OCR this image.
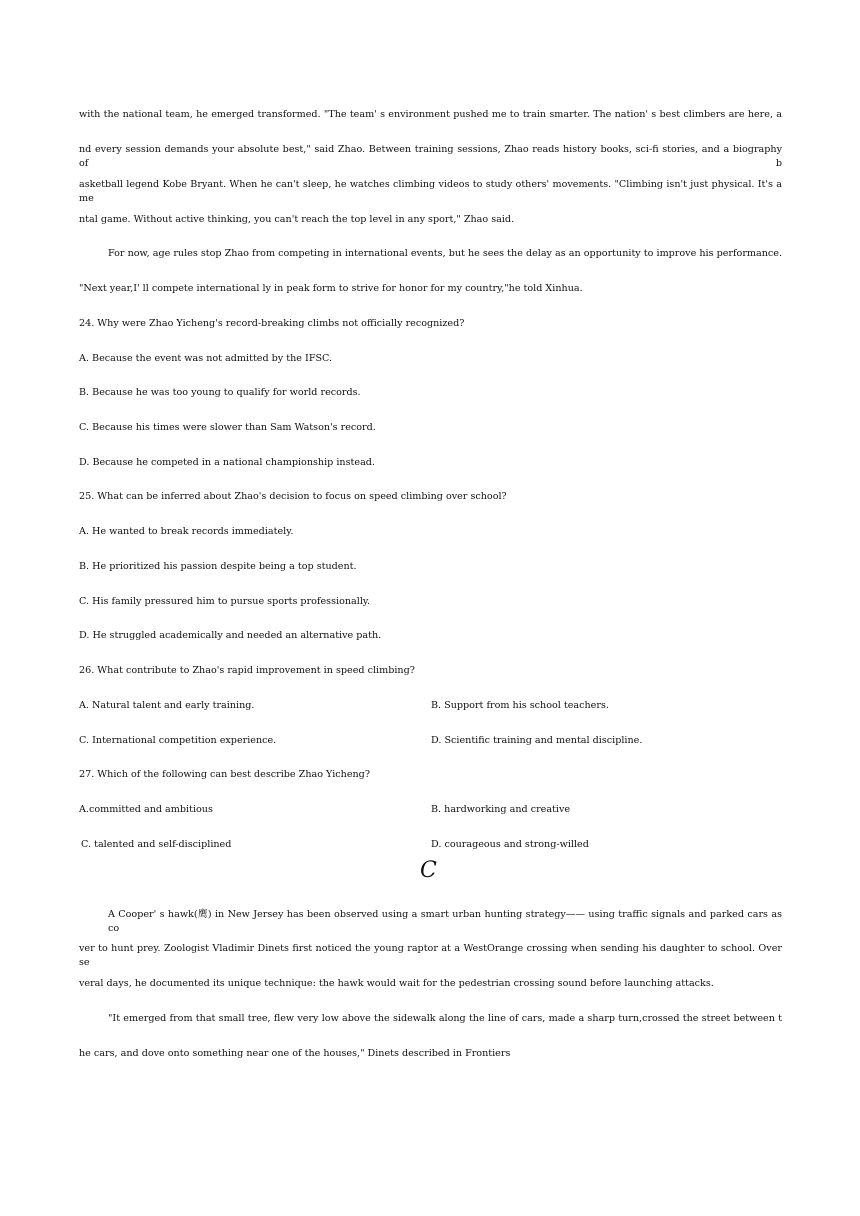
with the national team, he emerged transformed. "The team' s environment pushed me to train smarter. The nation' s best climbers are here, a
nd every session demands your absolute best," said Zhao. Between training sessions, Zhao reads history books, sci-fi stories, and a biography of b
asketball legend Kobe Bryant. When he can't sleep, he watches climbing videos to study others' movements. "Climbing isn't just physical. It's a me
ntal game. Without active thinking, you can't reach the top level in any sport," Zhao said.
For now, age rules stop Zhao from competing in international events, but he sees the delay as an opportunity to improve his performance.
"Next year,I' ll compete international ly in peak form to strive for honor for my country,"he told Xinhua.
24. Why were Zhao Yicheng's record-breaking climbs not officially recognized?
A. Because the event was not admitted by the IFSC.
B. Because he was too young to qualify for world records.
C. Because his times were slower than Sam Watson's record.
D. Because he competed in a national championship instead.
25. What can be inferred about Zhao's decision to focus on speed climbing over school?
A. He wanted to break records immediately.
B. He prioritized his passion despite being a top student.
C. His family pressured him to pursue sports professionally.
D. He struggled academically and needed an alternative path.
26. What contribute to Zhao's rapid improvement in speed climbing?
A. Natural talent and early training.	B. Support from his school teachers.
C. International competition experience.	D. Scientific training and mental discipline.
27. Which of the following can best describe Zhao Yicheng?
A.committed and ambitious	B. hardworking and creative
C. talented and self-disciplined	D. courageous and strong-willed
C
A Cooper' s hawk(鹰) in New Jersey has been observed using a smart urban hunting strategy—— using traffic signals and parked cars as co
ver to hunt prey. Zoologist Vladimir Dinets first noticed the young raptor at a WestOrange crossing when sending his daughter to school. Over se
veral days, he documented its unique technique: the hawk would wait for the pedestrian crossing sound before launching attacks.
"It emerged from that small tree, flew very low above the sidewalk along the line of cars, made a sharp turn,crossed the street between t
he cars, and dove onto something near one of the houses," Dinets described in Frontiers
